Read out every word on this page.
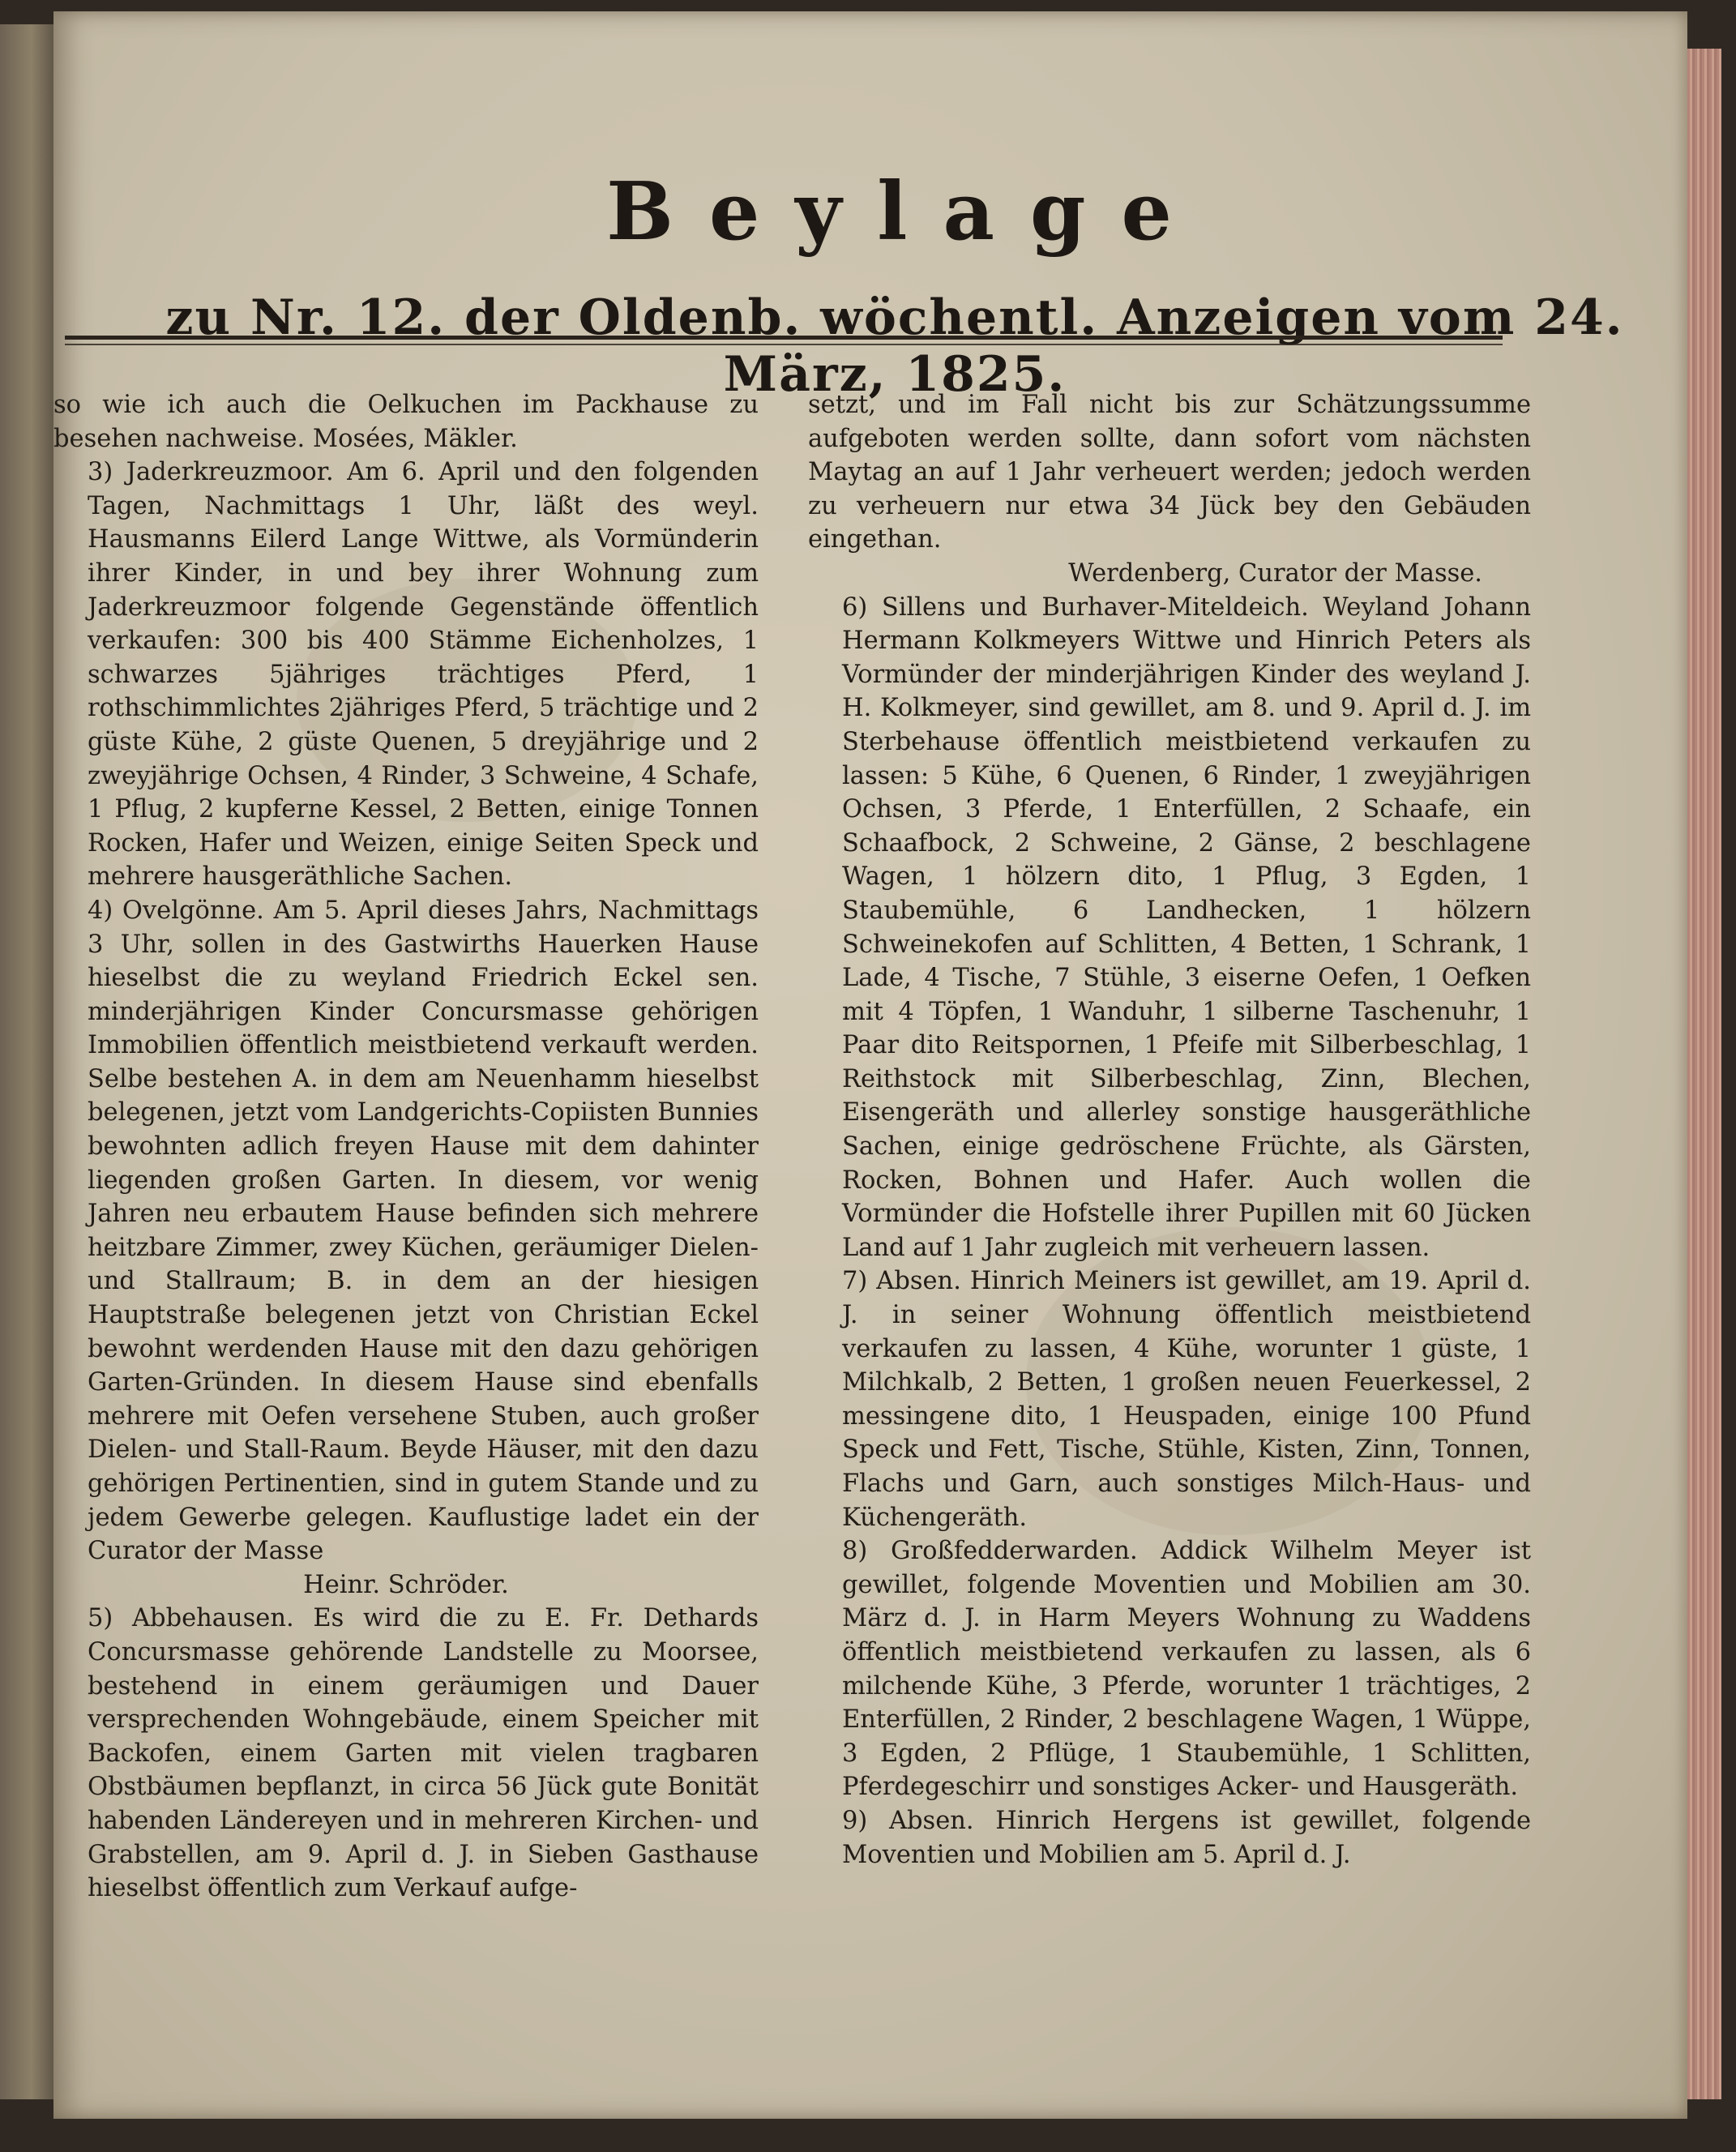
Beylage
zu Nr. 12. der Oldenb. wöchentl. Anzeigen vom 24. März, 1825.

so wie ich auch die Oelkuchen im Packhause zu besehen nachweise. Mosées, Mäkler.

3) Jaderkreuzmoor. Am 6. April und den folgenden Tagen, Nachmittags 1 Uhr, läßt des weyl. Hausmanns Eilerd Lange Wittwe, als Vormünderin ihrer Kinder, in und bey ihrer Wohnung zum Jaderkreuzmoor folgende Gegenstände öffentlich verkaufen: 300 bis 400 Stämme Eichenholzes, 1 schwarzes 5jähriges trächtiges Pferd, 1 rothschimmlichtes 2jähriges Pferd, 5 trächtige und 2 güste Kühe, 2 güste Quenen, 5 dreyjährige und 2 zweyjährige Ochsen, 4 Rinder, 3 Schweine, 4 Schafe, 1 Pflug, 2 kupferne Kessel, 2 Betten, einige Tonnen Rocken, Hafer und Weizen, einige Seiten Speck und mehrere hausgeräthliche Sachen.

4) Ovelgönne. Am 5. April dieses Jahrs, Nachmittags 3 Uhr, sollen in des Gastwirths Hauerken Hause hieselbst die zu weyland Friedrich Eckel sen. minderjährigen Kinder Concursmasse gehörigen Immobilien öffentlich meistbietend verkauft werden. Selbe bestehen A. in dem am Neuenhamm hieselbst belegenen, jetzt vom Landgerichts-Copiisten Bunnies bewohnten adlich freyen Hause mit dem dahinter liegenden großen Garten. In diesem, vor wenig Jahren neu erbautem Hause befinden sich mehrere heitzbare Zimmer, zwey Küchen, geräumiger Dielen- und Stallraum; B. in dem an der hiesigen Hauptstraße belegenen jetzt von Christian Eckel bewohnt werdenden Hause mit den dazu gehörigen Garten-Gründen. In diesem Hause sind ebenfalls mehrere mit Oefen versehene Stuben, auch großer Dielen- und Stall-Raum. Beyde Häuser, mit den dazu gehörigen Pertinentien, sind in gutem Stande und zu jedem Gewerbe gelegen. Kauflustige ladet ein der Curator der Masse

Heinr. Schröder.

5) Abbehausen. Es wird die zu E. Fr. Dethards Concursmasse gehörende Landstelle zu Moorsee, bestehend in einem geräumigen und Dauer versprechenden Wohngebäude, einem Speicher mit Backofen, einem Garten mit vielen tragbaren Obstbäumen bepflanzt, in circa 56 Jück gute Bonität habenden Ländereyen und in mehreren Kirchen- und Grabstellen, am 9. April d. J. in Sieben Gasthause hieselbst öffentlich zum Verkauf aufge-

setzt, und im Fall nicht bis zur Schätzungssumme aufgeboten werden sollte, dann sofort vom nächsten Maytag an auf 1 Jahr verheuert werden; jedoch werden zu verheuern nur etwa 34 Jück bey den Gebäuden eingethan.

Werdenberg, Curator der Masse.

6) Sillens und Burhaver-Miteldeich. Weyland Johann Hermann Kolkmeyers Wittwe und Hinrich Peters als Vormünder der minderjährigen Kinder des weyland J. H. Kolkmeyer, sind gewillet, am 8. und 9. April d. J. im Sterbehause öffentlich meistbietend verkaufen zu lassen: 5 Kühe, 6 Quenen, 6 Rinder, 1 zweyjährigen Ochsen, 3 Pferde, 1 Enterfüllen, 2 Schaafe, ein Schaafbock, 2 Schweine, 2 Gänse, 2 beschlagene Wagen, 1 hölzern dito, 1 Pflug, 3 Egden, 1 Staubemühle, 6 Landhecken, 1 hölzern Schweinekofen auf Schlitten, 4 Betten, 1 Schrank, 1 Lade, 4 Tische, 7 Stühle, 3 eiserne Oefen, 1 Oefken mit 4 Töpfen, 1 Wanduhr, 1 silberne Taschenuhr, 1 Paar dito Reitspornen, 1 Pfeife mit Silberbeschlag, 1 Reithstock mit Silberbeschlag, Zinn, Blechen, Eisengeräth und allerley sonstige hausgeräthliche Sachen, einige gedröschene Früchte, als Gärsten, Rocken, Bohnen und Hafer. Auch wollen die Vormünder die Hofstelle ihrer Pupillen mit 60 Jücken Land auf 1 Jahr zugleich mit verheuern lassen.

7) Absen. Hinrich Meiners ist gewillet, am 19. April d. J. in seiner Wohnung öffentlich meistbietend verkaufen zu lassen, 4 Kühe, worunter 1 güste, 1 Milchkalb, 2 Betten, 1 großen neuen Feuerkessel, 2 messingene dito, 1 Heuspaden, einige 100 Pfund Speck und Fett, Tische, Stühle, Kisten, Zinn, Tonnen, Flachs und Garn, auch sonstiges Milch-Haus- und Küchengeräth.

8) Großfedderwarden. Addick Wilhelm Meyer ist gewillet, folgende Moventien und Mobilien am 30. März d. J. in Harm Meyers Wohnung zu Waddens öffentlich meistbietend verkaufen zu lassen, als 6 milchende Kühe, 3 Pferde, worunter 1 trächtiges, 2 Enterfüllen, 2 Rinder, 2 beschlagene Wagen, 1 Wüppe, 3 Egden, 2 Pflüge, 1 Staubemühle, 1 Schlitten, Pferdegeschirr und sonstiges Acker- und Hausgeräth.

9) Absen. Hinrich Hergens ist gewillet, folgende Moventien und Mobilien am 5. April d. J.
